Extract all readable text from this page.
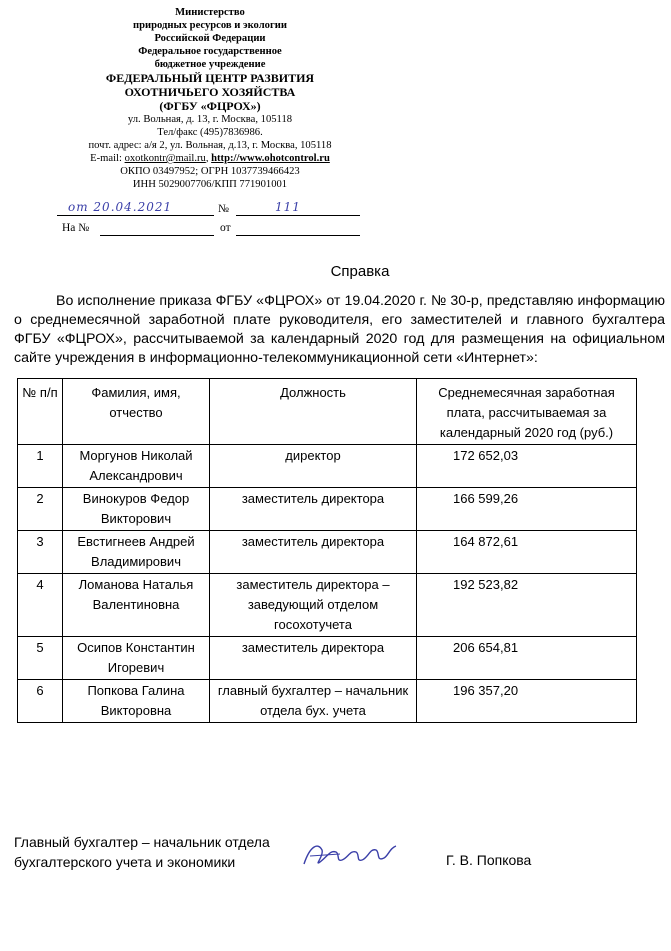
Министерство
природных ресурсов и экологии
Российской Федерации
Федеральное государственное
бюджетное учреждение
ФЕДЕРАЛЬНЫЙ ЦЕНТР РАЗВИТИЯ
ОХОТНИЧЬЕГО ХОЗЯЙСТВА
(ФГБУ «ФЦРОХ»)
ул. Вольная, д. 13, г. Москва, 105118
Тел/факс (495)7836986.
почт. адрес: а/я 2, ул. Вольная, д.13, г. Москва, 105118
E-mail: oxotkontr@mail.ru, http://www.ohotcontrol.ru
ОКПО 03497952; ОГРН 1037739466423
ИНН 5029007706/КПП 771901001
от 20.04.2021	№	111
На №	от
Справка
Во исполнение приказа ФГБУ «ФЦРОХ» от 19.04.2020 г. № 30-р, представляю информацию о среднемесячной заработной плате руководителя, его заместителей и главного бухгалтера ФГБУ «ФЦРОХ», рассчитываемой за календарный 2020 год для размещения на официальном сайте учреждения в информационно-телекоммуникационной сети «Интернет»:
№ п/п	Фамилия, имя, отчество	Должность	Среднемесячная заработная плата, рассчитываемая за календарный 2020 год (руб.)
1	Моргунов Николай Александрович	директор	172 652,03
2	Винокуров Федор Викторович	заместитель директора	166 599,26
3	Евстигнеев Андрей Владимирович	заместитель директора	164 872,61
4	Ломанова Наталья Валентиновна	заместитель директора – заведующий отделом госохотучета	192 523,82
5	Осипов Константин Игоревич	заместитель директора	206 654,81
6	Попкова Галина Викторовна	главный бухгалтер – начальник отдела бух. учета	196 357,20
Главный бухгалтер – начальник отдела
бухгалтерского учета и экономики	Г. В. Попкова
